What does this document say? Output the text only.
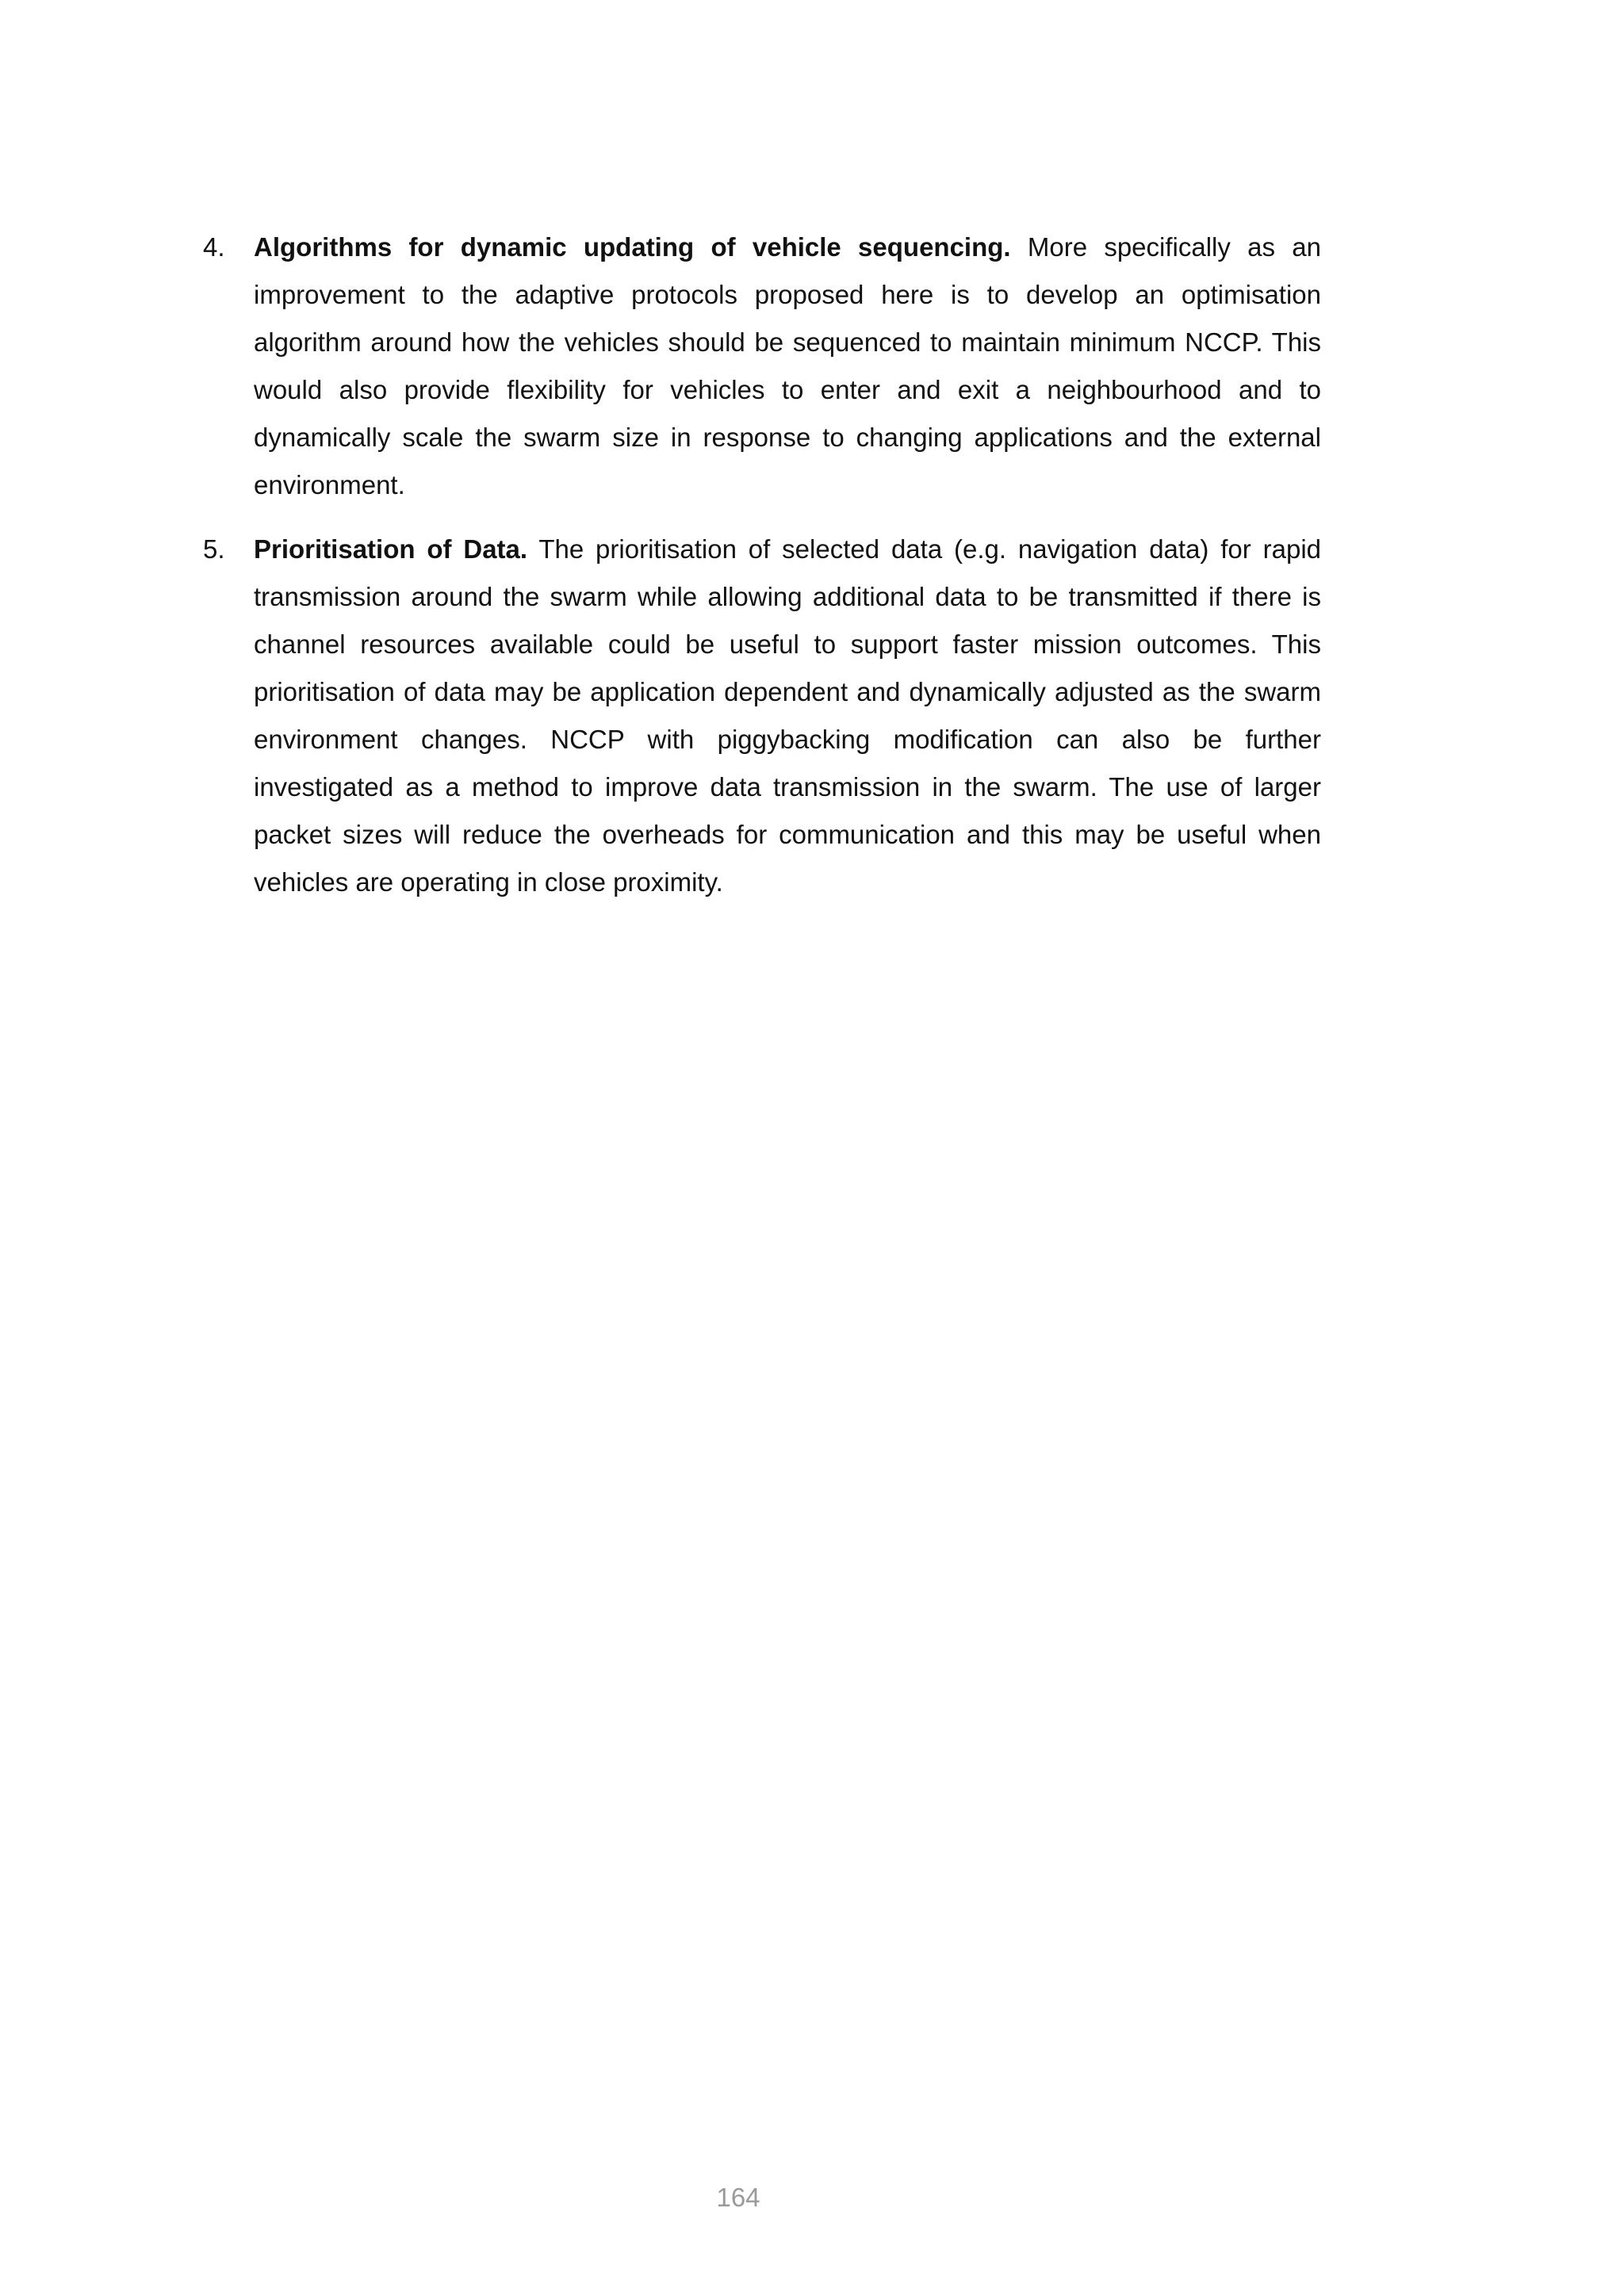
4. Algorithms for dynamic updating of vehicle sequencing. More specifically as an improvement to the adaptive protocols proposed here is to develop an optimisation algorithm around how the vehicles should be sequenced to maintain minimum NCCP. This would also provide flexibility for vehicles to enter and exit a neighbourhood and to dynamically scale the swarm size in response to changing applications and the external environment.
5. Prioritisation of Data. The prioritisation of selected data (e.g. navigation data) for rapid transmission around the swarm while allowing additional data to be transmitted if there is channel resources available could be useful to support faster mission outcomes. This prioritisation of data may be application dependent and dynamically adjusted as the swarm environment changes. NCCP with piggybacking modification can also be further investigated as a method to improve data transmission in the swarm. The use of larger packet sizes will reduce the overheads for communication and this may be useful when vehicles are operating in close proximity.
164
